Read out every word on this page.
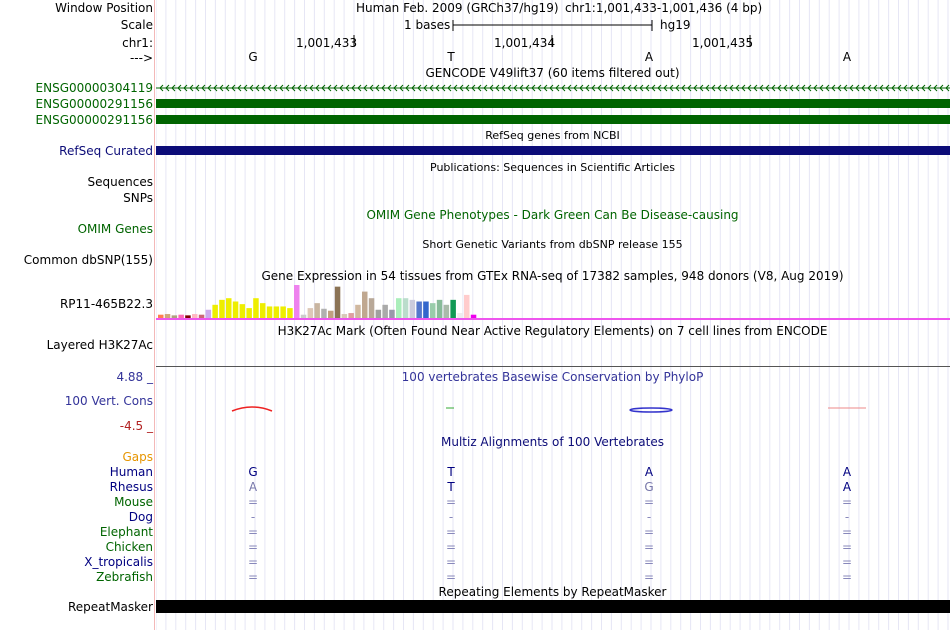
Window Position	Human Feb. 2009 (GRCh37/hg19) chr1:1,001,433-1,001,436 (4 bp)
Scale	1 bases	hg19
chr1:	1,001,433	1,001,434	1,001,435
--->	G	T	A	A
GENCODE V49lift37 (60 items filtered out)
ENSG00000304119
ENSG00000291156
ENSG00000291156
RefSeq genes from NCBI
RefSeq Curated
Publications: Sequences in Scientific Articles
Sequences
SNPs
OMIM Gene Phenotypes - Dark Green Can Be Disease-causing
OMIM Genes
Short Genetic Variants from dbSNP release 155
Common dbSNP(155)
Gene Expression in 54 tissues from GTEx RNA-seq of 17382 samples, 948 donors (V8, Aug 2019)
RP11-465B22.3
H3K27Ac Mark (Often Found Near Active Regulatory Elements) on 7 cell lines from ENCODE
Layered H3K27Ac
100 vertebrates Basewise Conservation by PhyloP
4.88 _
100 Vert. Cons
-4.5 _
Multiz Alignments of 100 Vertebrates
Gaps
Human	G	T	A	A
Rhesus	A	T	G	A
Mouse	=	=	=	=
Dog	-	-	-	-
Elephant	=	=	=	=
Chicken	=	=	=	=
X_tropicalis	=	=	=	=
Zebrafish	=	=	=	=
Repeating Elements by RepeatMasker
RepeatMasker
